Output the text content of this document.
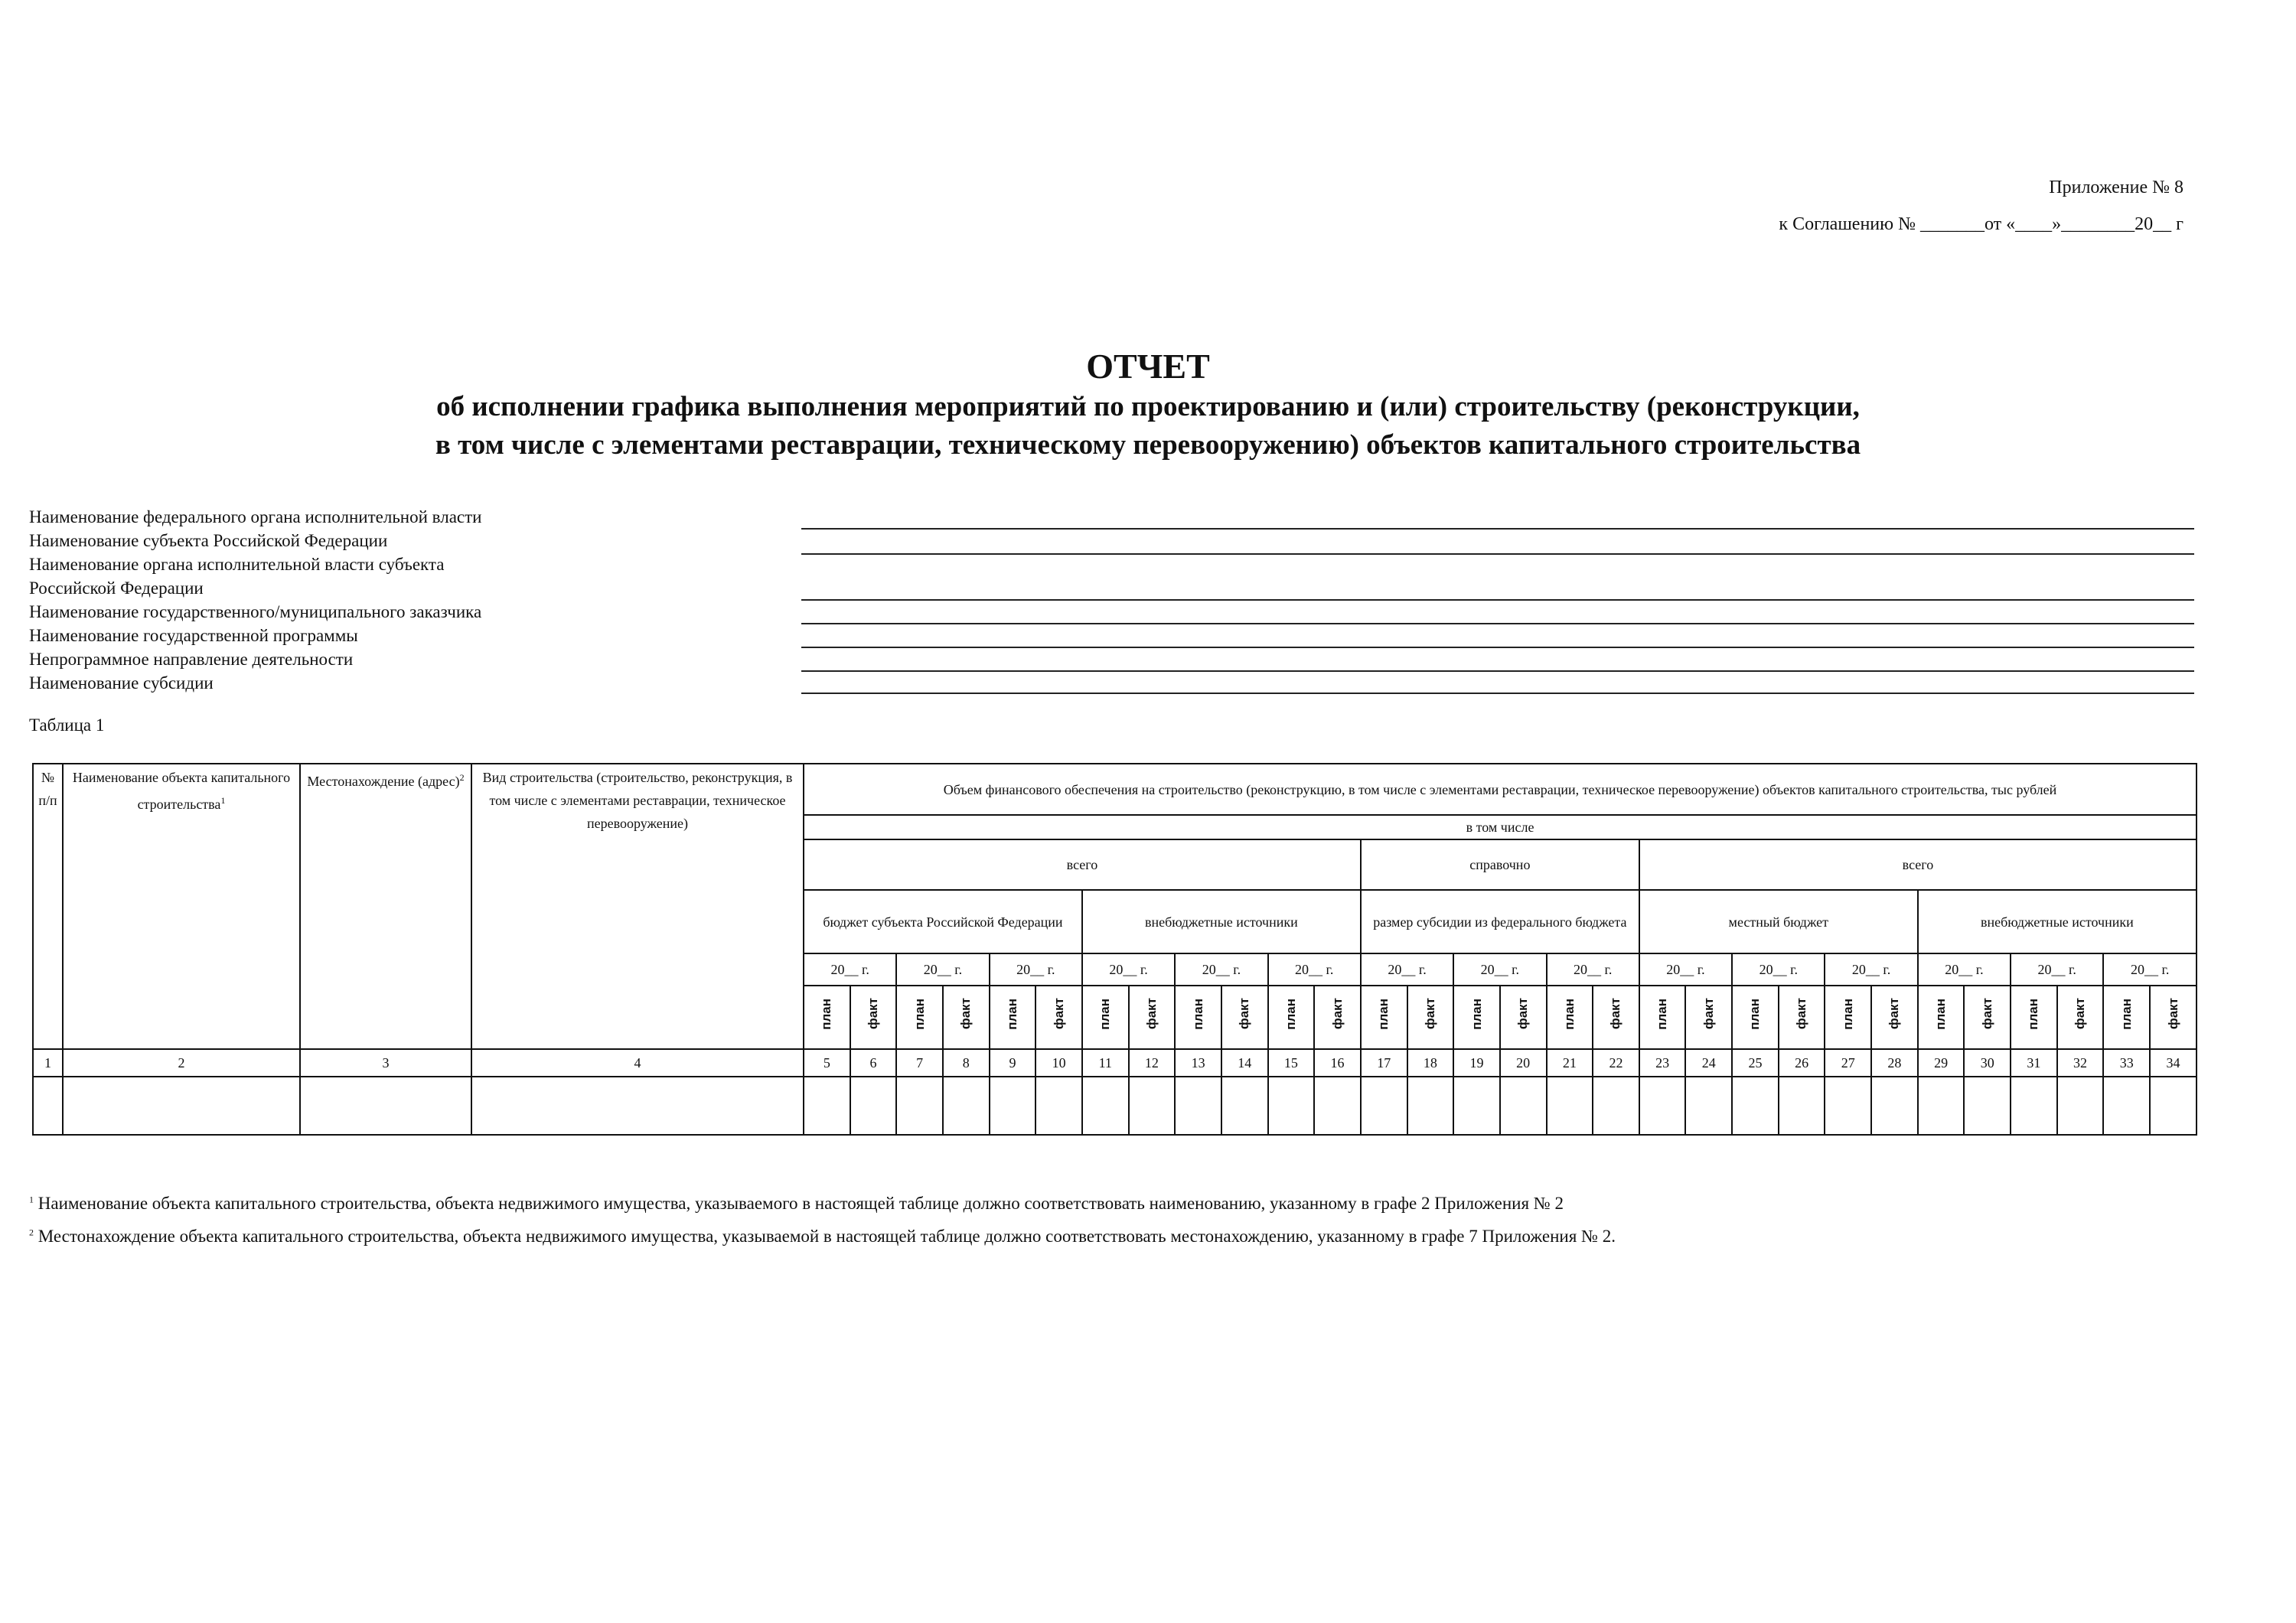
Приложение № 8
к Соглашению № _______от «____»________20__ г
ОТЧЕТ
об исполнении графика выполнения мероприятий по проектированию и (или) строительству (реконструкции,
в том числе с элементами реставрации, техническому перевооружению) объектов капитального строительства
Наименование федерального органа исполнительной власти
Наименование субъекта Российской Федерации
Наименование органа исполнительной власти субъекта
Российской Федерации
Наименование государственного/муниципального заказчика
Наименование государственной программы
Непрограммное направление деятельности
Наименование субсидии
Таблица 1
№ п/п	Наименование объекта капитального строительства$^1$	Местонахождение (адрес)$^2$	Вид строительства (строительство, реконструкция, в том числе с элементами реставрации, техническое перевооружение)	Объем финансового обеспечения на строительство (реконструкцию, в том числе с элементами реставрации, техническое перевооружение) объектов капитального строительства, тыс рублей																													
				в том числе																													
				всего												справочно						всего											
				бюджет субъекта Российской Федерации						внебюджетные источники						размер субсидии из федерального бюджета						местный бюджет						внебюджетные источники					
				20__ г.		20__ г.		20__ г.		20__ г.		20__ г.		20__ г.		20__ г.		20__ г.		20__ г.		20__ г.		20__ г.		20__ г.		20__ г.		20__ г.		20__ г.	
				план	факт	план	факт	план	факт	план	факт	план	факт	план	факт	план	факт	план	факт	план	факт	план	факт	план	факт	план	факт	план	факт	план	факт	план	факт
1	2	3	4	5	6	7	8	9	10	11	12	13	14	15	16	17	18	19	20	21	22	23	24	25	26	27	28	29	30	31	32	33	34

$^1$ Наименование объекта капитального строительства, объекта недвижимого имущества, указываемого в настоящей таблице должно соответствовать наименованию, указанному в графе 2 Приложения № 2
$^2$ Местонахождение объекта капитального строительства, объекта недвижимого имущества, указываемой в настоящей таблице должно соответствовать местонахождению, указанному в графе 7 Приложения № 2.
